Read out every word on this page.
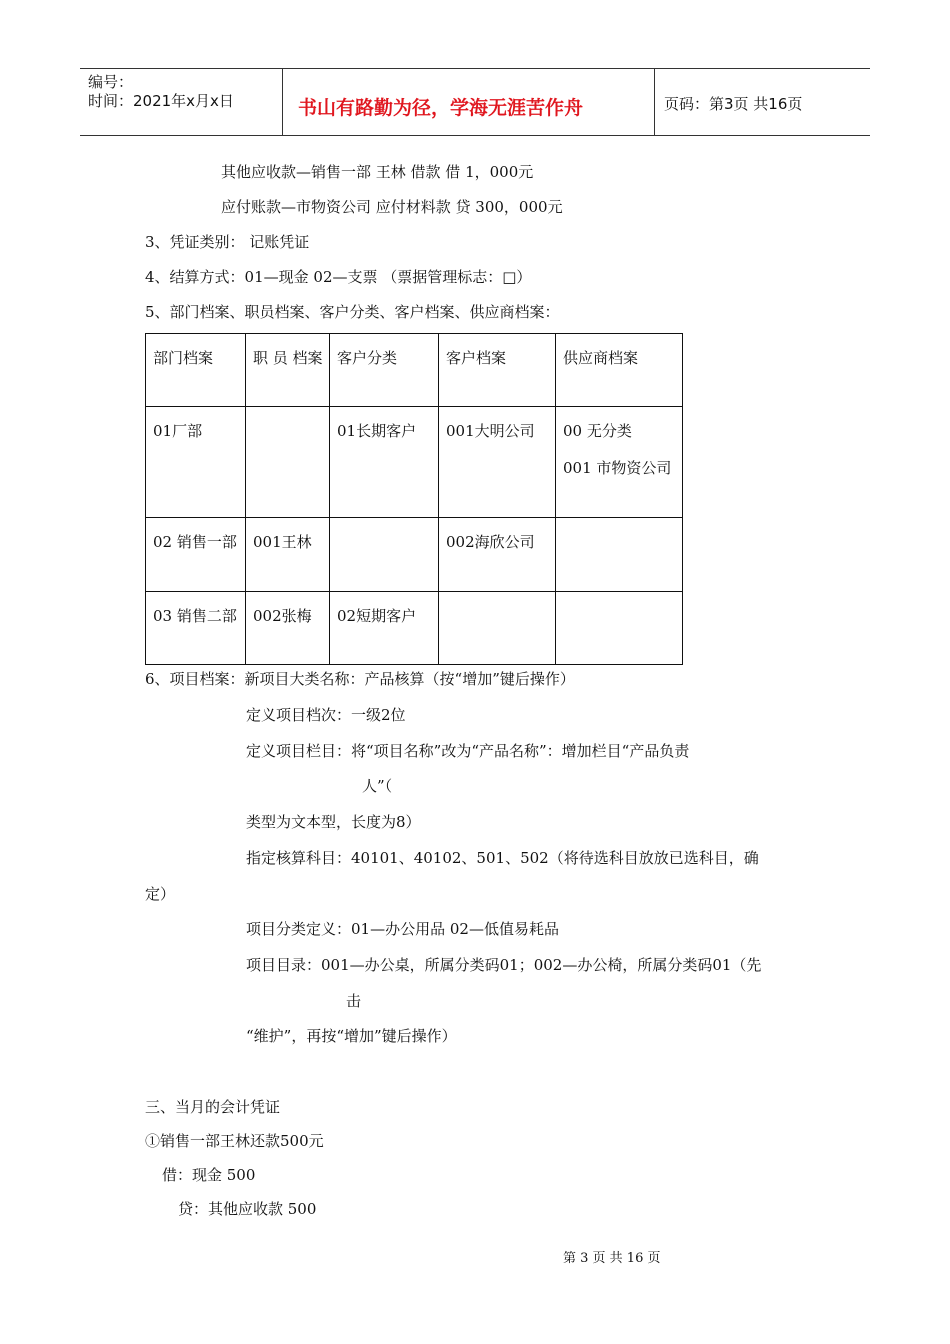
编号：
时间：2021年x月x日	书山有路勤为径，学海无涯苦作舟	页码：第3页 共16页
其他应收款—销售一部 王林 借款 借 1，000元
应付账款—市物资公司 应付材料款 贷 300，000元
3、凭证类别： 记账凭证
4、结算方式：01—现金 02—支票 （票据管理标志：□）
5、部门档案、职员档案、客户分类、客户档案、供应商档案：
部门档案	职 员 档案	客户分类	客户档案	供应商档案
01厂部		01长期客户	001大明公司	00 无分类
001 市物资公司

02 销售一部	001王林		002海欣公司	
03 销售二部	002张梅	02短期客户		
6、项目档案：新项目大类名称：产品核算（按“增加”键后操作）
定义项目档次：一级2位
定义项目栏目：将“项目名称”改为“产品名称”：增加栏目“产品负责
人”（
类型为文本型，长度为8）
指定核算科目：40101、40102、501、502（将待选科目放放已选科目，确
定）
项目分类定义：01—办公用品 02—低值易耗品
项目目录：001—办公桌，所属分类码01；002—办公椅，所属分类码01（先
击
“维护”，再按“增加”键后操作）
三、当月的会计凭证
①销售一部王林还款500元
借：现金 500
贷：其他应收款 500
第 3 页 共 16 页
